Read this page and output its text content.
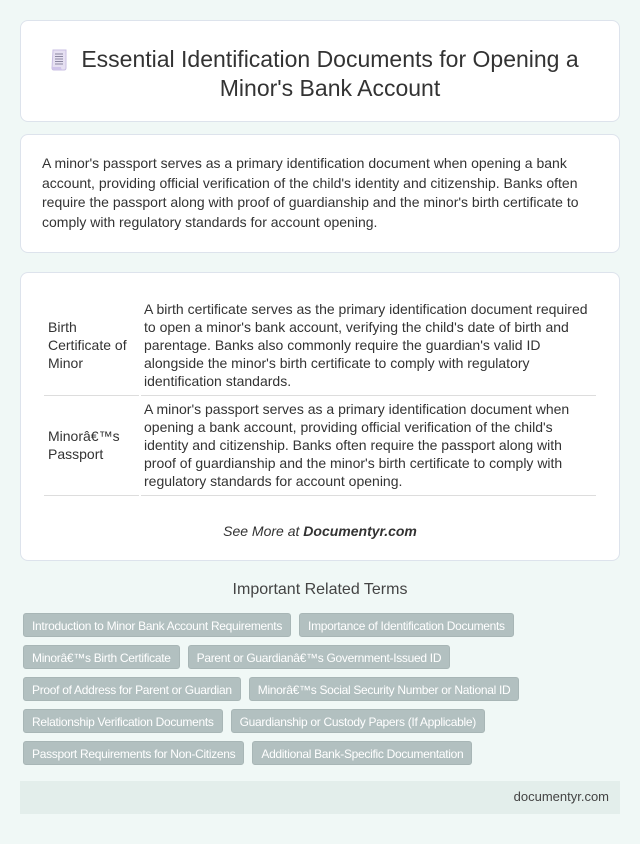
Essential Identification Documents for Opening a Minor's Bank Account

A minor's passport serves as a primary identification document when opening a bank account, providing official verification of the child's identity and citizenship. Banks often require the passport along with proof of guardianship and the minor's birth certificate to comply with regulatory standards for account opening.

Birth Certificate of Minor	A birth certificate serves as the primary identification document required to open a minor's bank account, verifying the child's date of birth and parentage. Banks also commonly require the guardian's valid ID alongside the minor's birth certificate to comply with regulatory identification standards.
Minorâ€™s Passport	A minor's passport serves as a primary identification document when opening a bank account, providing official verification of the child's identity and citizenship. Banks often require the passport along with proof of guardianship and the minor's birth certificate to comply with regulatory standards for account opening.
See More at Documentyr.com
Important Related Terms
Introduction to Minor Bank Account Requirements	Importance of Identification Documents
Minorâ€™s Birth Certificate	Parent or Guardianâ€™s Government-Issued ID
Proof of Address for Parent or Guardian	Minorâ€™s Social Security Number or National ID
Relationship Verification Documents	Guardianship or Custody Papers (If Applicable)
Passport Requirements for Non-Citizens	Additional Bank-Specific Documentation
documentyr.com
